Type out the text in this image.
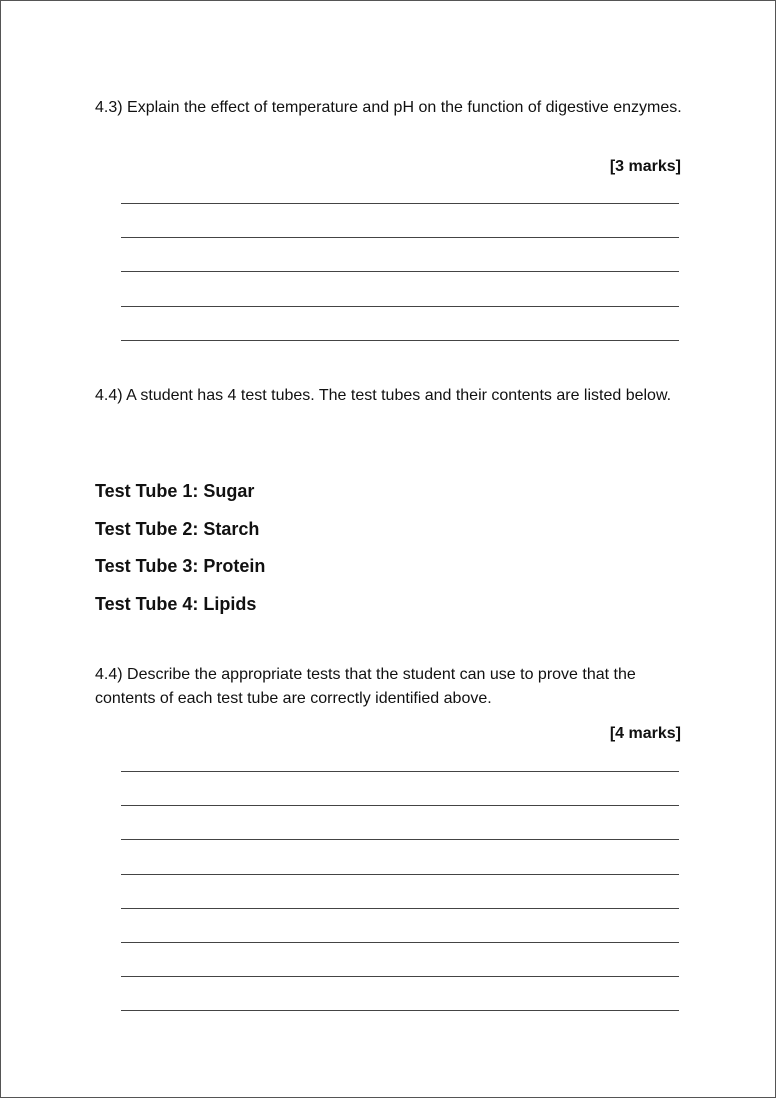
4.3) Explain the effect of temperature and pH on the function of digestive enzymes.

[3 marks]

4.4) A student has 4 test tubes. The test tubes and their contents are listed below.

Test Tube 1: Sugar
Test Tube 2: Starch
Test Tube 3: Protein
Test Tube 4: Lipids

4.4) Describe the appropriate tests that the student can use to prove that the contents of each test tube are correctly identified above.

[4 marks]
